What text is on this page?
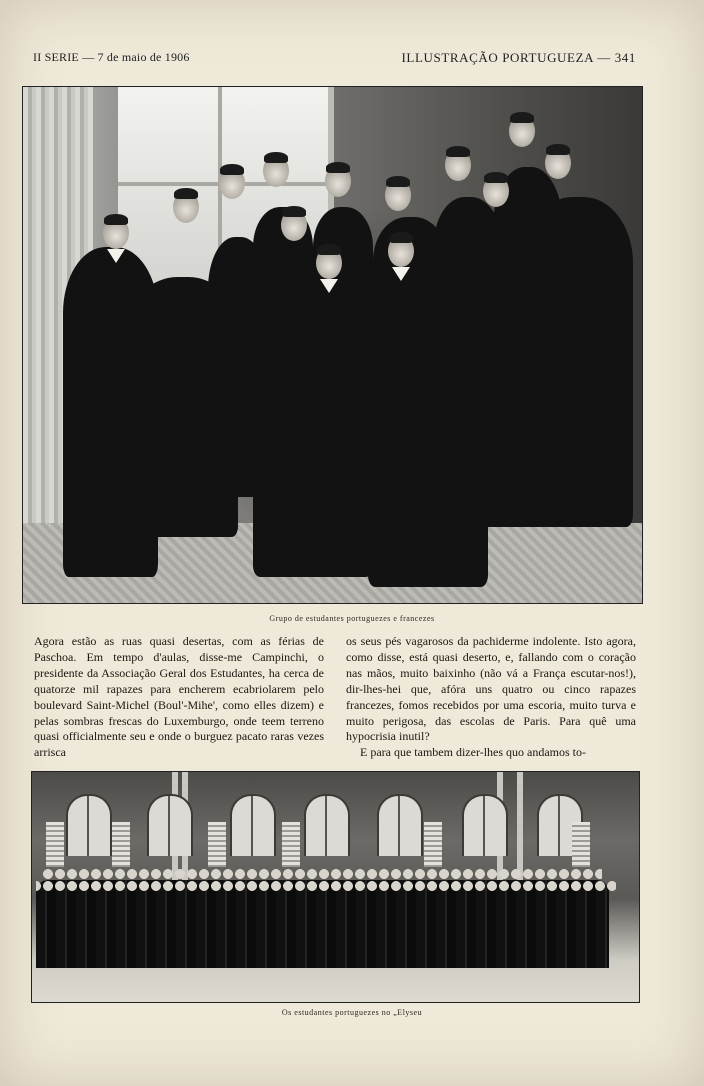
II SERIE — 7 de maio de 1906	ILLUSTRAÇÃO PORTUGUEZA — 341
Grupo de estudantes portuguezes e francezes

Agora estão as ruas quasi desertas, com as férias de Paschoa. Em tempo d'aulas, disse-me Campinchi, o presidente da Associação Geral dos Estudantes, ha cerca de quatorze mil rapazes para encherem ecabriolarem pelo boulevard Saint-Michel (Boul'-Mihe', como elles dizem) e pelas sombras frescas do Luxemburgo, onde teem terreno quasi officialmente seu e onde o burguez pacato raras vezes arrisca

os seus pés vagarosos da pachiderme indolente. Isto agora, como disse, está quasi deserto, e, fallando com o coração nas mãos, muito baixinho (não vá a França escutar-nos!), dir-lhes-hei que, afóra uns quatro ou cinco rapazes francezes, fomos recebidos por uma escoria, muito turva e muito perigosa, das escolas de Paris. Para quê uma hypocrisia inutil?

E para que tambem dizer-lhes quo andamos to-

Os estudantes portuguezes no „Elyseu
